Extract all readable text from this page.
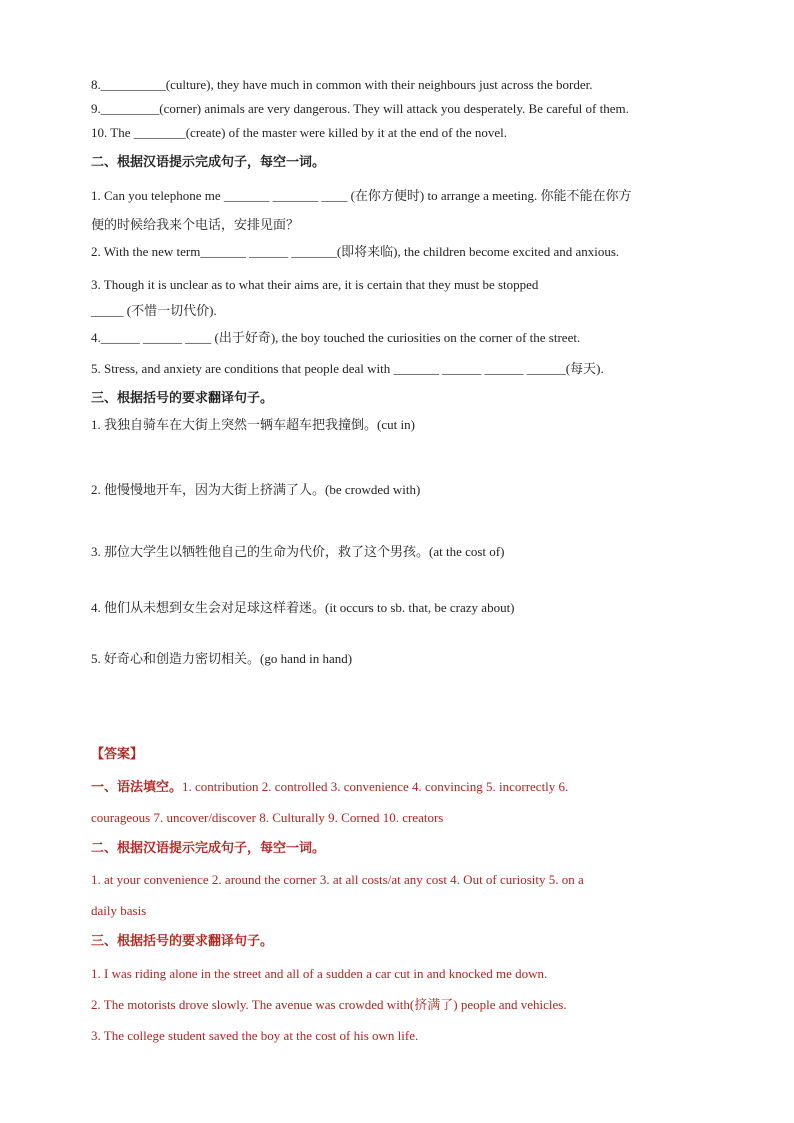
8.__________(culture), they have much in common with their neighbours just across the border.
9._________(corner) animals are very dangerous. They will attack you desperately. Be careful of them.
10. The ________(create) of the master were killed by it at the end of the novel.
二、根据汉语提示完成句子，每空一词。
1. Can you telephone me _______ _______ ____ (在你方便时) to arrange a meeting. 你能不能在你方
便的时候给我来个电话，安排见面？
2. With the new term_______ ______ _______(即将来临), the children become excited and anxious.
3. Though it is unclear as to what their aims are, it is certain that they must be stopped
_____ (不惜一切代价).
4.______ ______ ____ (出于好奇), the boy touched the curiosities on the corner of the street.
5. Stress, and anxiety are conditions that people deal with _______ ______ ______ ______(每天).
三、根据括号的要求翻译句子。
1. 我独自骑车在大街上突然一辆车超车把我撞倒。(cut in)
2. 他慢慢地开车，因为大街上挤满了人。(be crowded with)
3. 那位大学生以牺牲他自己的生命为代价，救了这个男孩。(at the cost of)
4. 他们从未想到女生会对足球这样着迷。(it occurs to sb. that, be crazy about)
5. 好奇心和创造力密切相关。(go hand in hand)
【答案】
一、语法填空。1. contribution 2. controlled 3. convenience 4. convincing 5. incorrectly 6.
courageous 7. uncover/discover 8. Culturally 9. Corned 10. creators
二、根据汉语提示完成句子，每空一词。
1. at your convenience 2. around the corner 3. at all costs/at any cost 4. Out of curiosity 5. on a
daily basis
三、根据括号的要求翻译句子。
1. I was riding alone in the street and all of a sudden a car cut in and knocked me down.
2. The motorists drove slowly. The avenue was crowded with(挤满了) people and vehicles.
3. The college student saved the boy at the cost of his own life.
